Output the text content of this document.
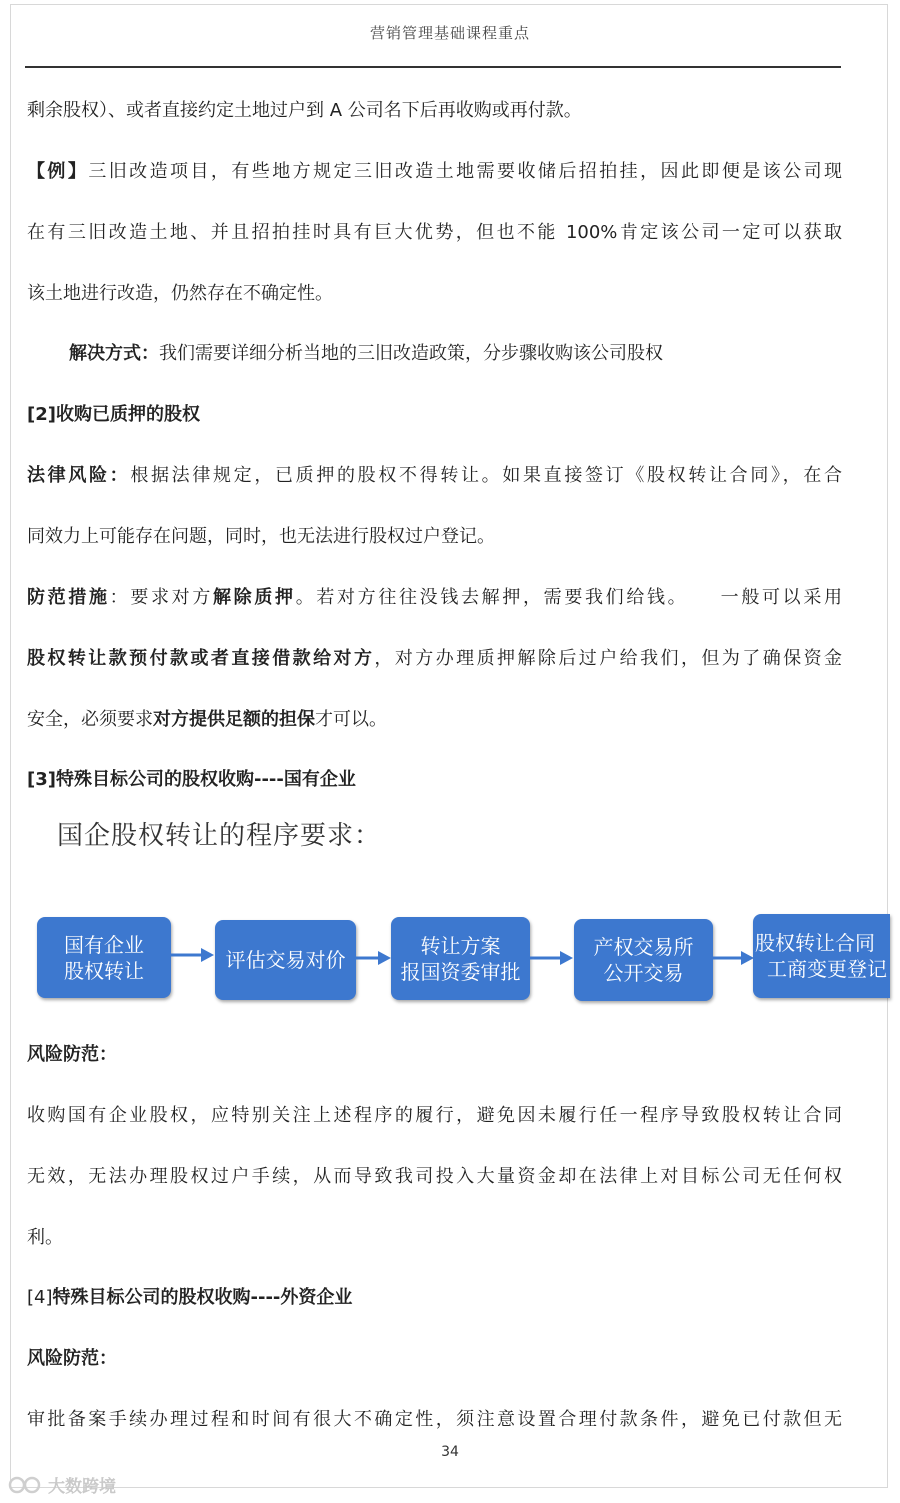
营销管理基础课程重点
剩余股权）、或者直接约定土地过户到 A 公司名下后再收购或再付款。
【例】三旧改造项目，有些地方规定三旧改造土地需要收储后招拍挂，因此即便是该公司现
在有三旧改造土地、并且招拍挂时具有巨大优势，但也不能 100%肯定该公司一定可以获取
该土地进行改造，仍然存在不确定性。
解决方式：我们需要详细分析当地的三旧改造政策，分步骤收购该公司股权
[2]收购已质押的股权
法律风险：根据法律规定，已质押的股权不得转让。如果直接签订《股权转让合同》，在合
同效力上可能存在问题，同时，也无法进行股权过户登记。
防范措施：要求对方解除质押。若对方往往没钱去解押，需要我们给钱。　　一般可以采用
股权转让款预付款或者直接借款给对方，对方办理质押解除后过户给我们，但为了确保资金
安全，必须要求对方提供足额的担保才可以。
[3]特殊目标公司的股权收购----国有企业
国企股权转让的程序要求：
国有企业
股权转让	评估交易对价
转让方案
报国资委审批
产权交易所
公开交易
股权转让合同
工商变更登记
风险防范：
收购国有企业股权，应特别关注上述程序的履行，避免因未履行任一程序导致股权转让合同
无效，无法办理股权过户手续，从而导致我司投入大量资金却在法律上对目标公司无任何权
利。
[4]特殊目标公司的股权收购----外资企业
风险防范：
审批备案手续办理过程和时间有很大不确定性，须注意设置合理付款条件，避免已付款但无
34
大数跨境
